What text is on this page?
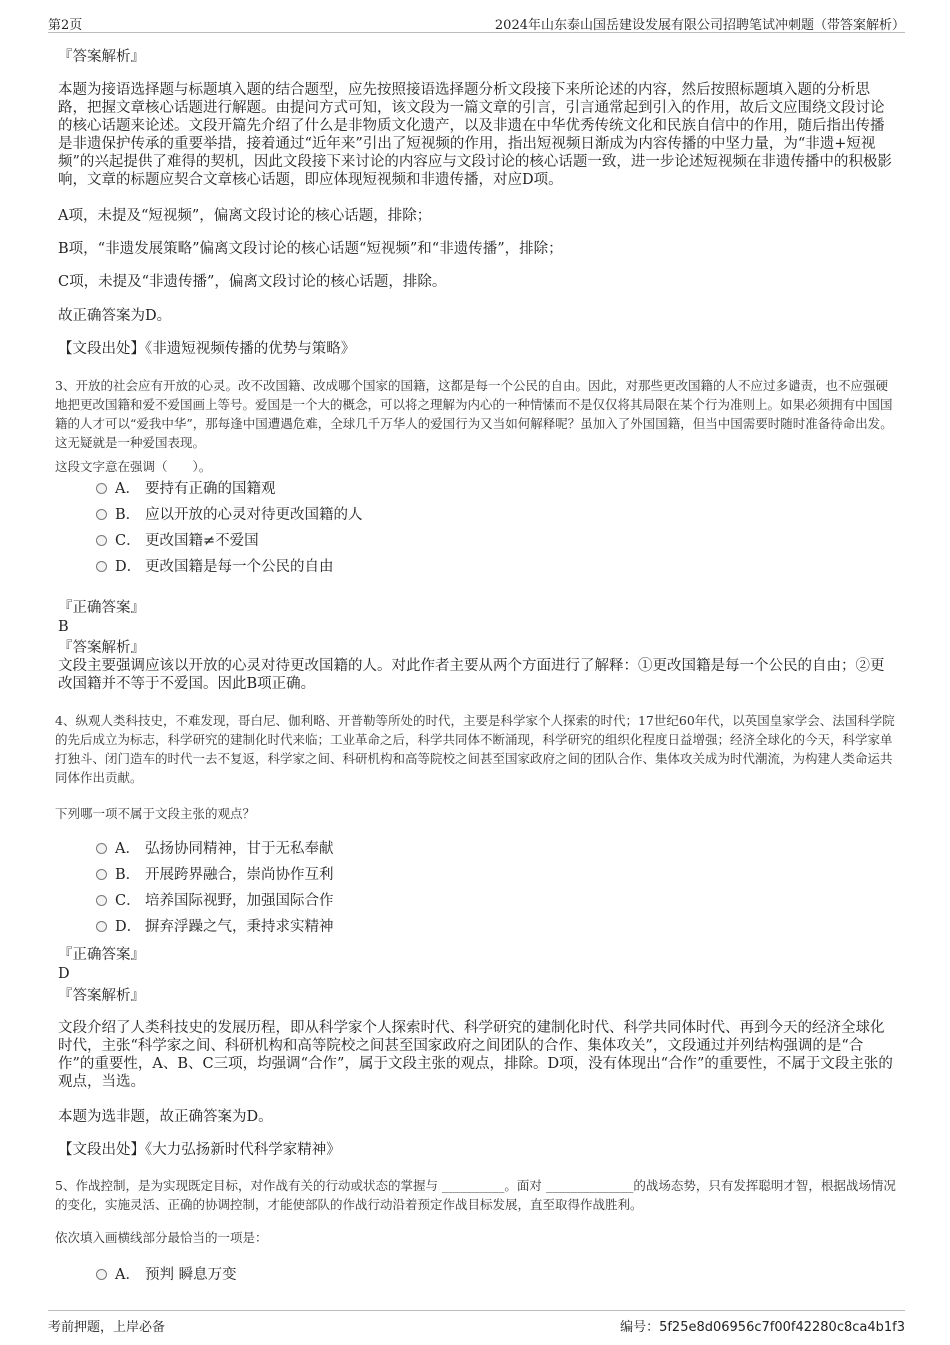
第2页	2024年山东泰山国岳建设发展有限公司招聘笔试冲刺题（带答案解析）
『答案解析』
本题为接语选择题与标题填入题的结合题型，应先按照接语选择题分析文段接下来所论述的内容，然后按照标题填入题的分析思路，把握文章核心话题进行解题。由提问方式可知，该文段为一篇文章的引言，引言通常起到引入的作用，故后文应围绕文段讨论的核心话题来论述。文段开篇先介绍了什么是非物质文化遗产，以及非遗在中华优秀传统文化和民族自信中的作用，随后指出传播是非遗保护传承的重要举措，接着通过“近年来”引出了短视频的作用，指出短视频日渐成为内容传播的中坚力量，为“非遗+短视频”的兴起提供了难得的契机，因此文段接下来讨论的内容应与文段讨论的核心话题一致，进一步论述短视频在非遗传播中的积极影响，文章的标题应契合文章核心话题，即应体现短视频和非遗传播，对应D项。
A项，未提及“短视频”，偏离文段讨论的核心话题，排除；
B项，“非遗发展策略”偏离文段讨论的核心话题“短视频”和“非遗传播”，排除；
C项，未提及“非遗传播”，偏离文段讨论的核心话题，排除。
故正确答案为D。
【文段出处】《非遗短视频传播的优势与策略》
3、开放的社会应有开放的心灵。改不改国籍、改成哪个国家的国籍，这都是每一个公民的自由。因此，对那些更改国籍的人不应过多谴责，也不应强硬地把更改国籍和爱不爱国画上等号。爱国是一个大的概念，可以将之理解为内心的一种情愫而不是仅仅将其局限在某个行为准则上。如果必须拥有中国国籍的人才可以“爱我中华”，那每逢中国遭遇危难，全球几千万华人的爱国行为又当如何解释呢？虽加入了外国国籍，但当中国需要时随时准备待命出发。这无疑就是一种爱国表现。
这段文字意在强调（　　）。
A． 要持有正确的国籍观
B． 应以开放的心灵对待更改国籍的人
C． 更改国籍≠不爱国
D． 更改国籍是每一个公民的自由
『正确答案』
B
『答案解析』
文段主要强调应该以开放的心灵对待更改国籍的人。对此作者主要从两个方面进行了解释：①更改国籍是每一个公民的自由；②更改国籍并不等于不爱国。因此B项正确。
4、纵观人类科技史，不难发现，哥白尼、伽利略、开普勒等所处的时代，主要是科学家个人探索的时代；17世纪60年代，以英国皇家学会、法国科学院的先后成立为标志，科学研究的建制化时代来临；工业革命之后，科学共同体不断涌现，科学研究的组织化程度日益增强；经济全球化的今天，科学家单打独斗、闭门造车的时代一去不复返，科学家之间、科研机构和高等院校之间甚至国家政府之间的团队合作、集体攻关成为时代潮流，为构建人类命运共同体作出贡献。
下列哪一项不属于文段主张的观点？
A． 弘扬协同精神，甘于无私奉献
B． 开展跨界融合，崇尚协作互利
C． 培养国际视野，加强国际合作
D． 摒弃浮躁之气，秉持求实精神
『正确答案』
D
『答案解析』
文段介绍了人类科技史的发展历程，即从科学家个人探索时代、科学研究的建制化时代、科学共同体时代、再到今天的经济全球化时代，主张“科学家之间、科研机构和高等院校之间甚至国家政府之间团队的合作、集体攻关”，文段通过并列结构强调的是“合作”的重要性，A、B、C三项，均强调“合作”，属于文段主张的观点，排除。D项，没有体现出“合作”的重要性，不属于文段主张的观点，当选。
本题为选非题，故正确答案为D。
【文段出处】《大力弘扬新时代科学家精神》
5、作战控制，是为实现既定目标，对作战有关的行动或状态的掌握与 __________。面对 ______________的战场态势，只有发挥聪明才智，根据战场情况的变化，实施灵活、正确的协调控制，才能使部队的作战行动沿着预定作战目标发展，直至取得作战胜利。
依次填入画横线部分最恰当的一项是：
A． 预判 瞬息万变
考前押题，上岸必备	编号：5f25e8d06956c7f00f42280c8ca4b1f3
